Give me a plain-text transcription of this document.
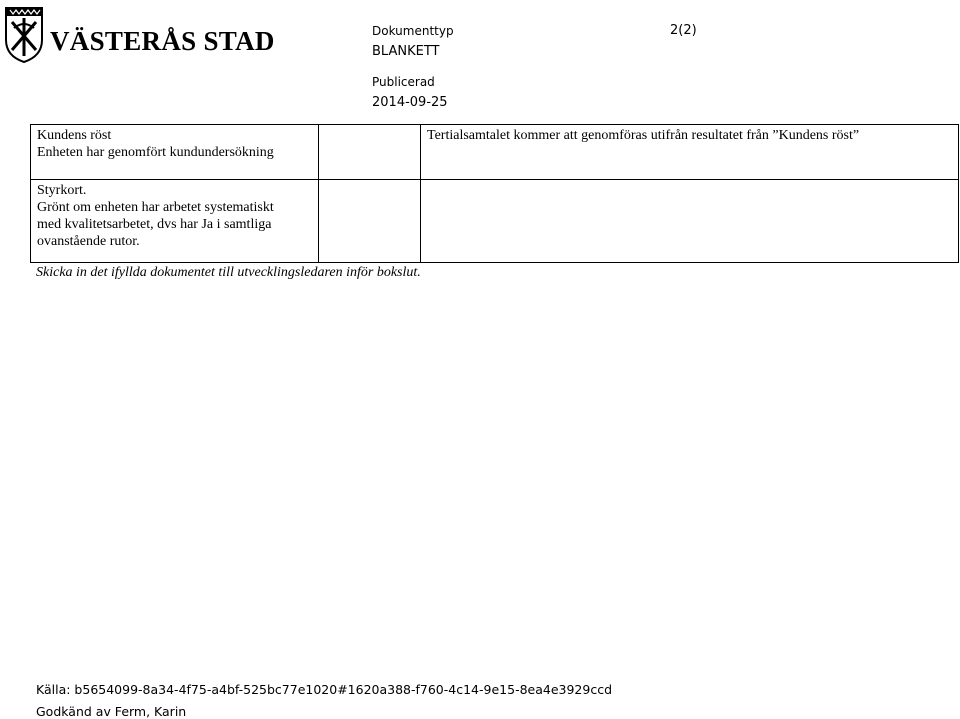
VÄSTERÅS STAD	Dokumenttyp	2(2)
BLANKETT
Publicerad
2014-09-25
Kundens röst
Enheten har genomfört kundundersökning		Tertialsamtalet kommer att genomföras utifrån resultatet från ”Kundens röst”

Styrkort.
Grönt om enheten har arbetet systematiskt
med kvalitetsarbetet, dvs har Ja i samtliga
ovanstående rutor.		

Skicka in det ifyllda dokumentet till utvecklingsledaren inför bokslut.
Källa: b5654099-8a34-4f75-a4bf-525bc77e1020#1620a388-f760-4c14-9e15-8ea4e3929ccd
Godkänd av Ferm, Karin
